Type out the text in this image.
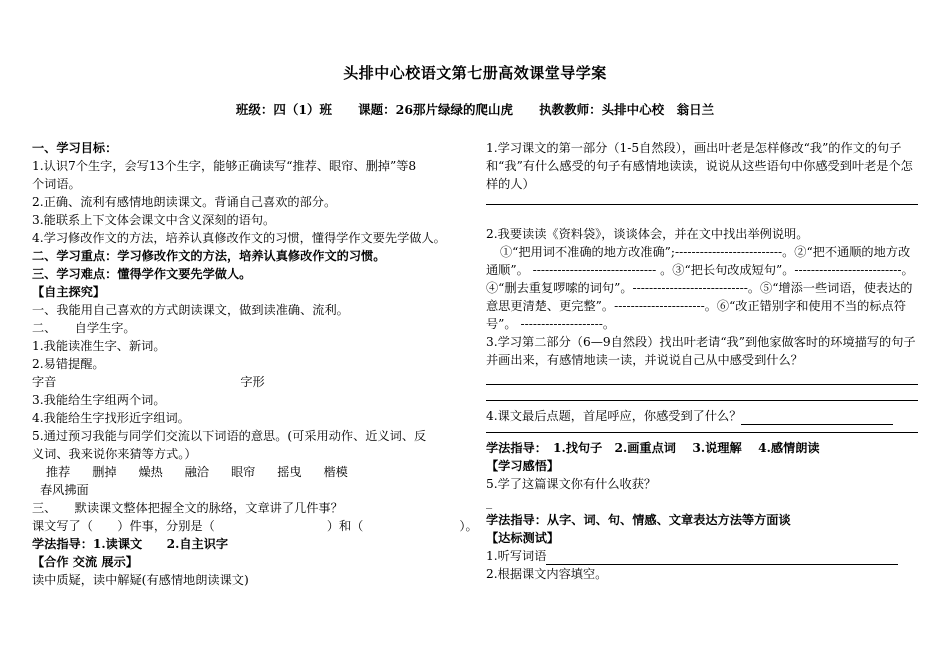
头排中心校语文第七册高效课堂导学案
班级：四（1）班 课题：26那片绿绿的爬山虎 执教教师：头排中心校　翁日兰

一、学习目标：

1.认识7个生字，会写13个生字，能够正确读写“推荐、眼帘、删掉”等8

个词语。

2.正确、流利有感情地朗读课文。背诵自己喜欢的部分。

3.能联系上下文体会课文中含义深刻的语句。

4.学习修改作文的方法，培养认真修改作文的习惯，懂得学作文要先学做人。

二、学习重点：学习修改作文的方法，培养认真修改作文的习惯。

三、学习难点：懂得学作文要先学做人。

【自主探究】

一、我能用自己喜欢的方式朗读课文，做到读准确、流利。

二、　　自学生字。

1.我能读准生字、新词。

2.易错提醒。

字音	字形

3.我能给生字组两个词。

4.我能给生字找形近字组词。

5.通过预习我能与同学们交流以下词语的意思。(可采用动作、近义词、反

义词、我来说你来猜等方式。）

推荐 删掉 燥热 融洽 眼帘 摇曳 楷模

春风拂面

三、　　默读课文整体把握全文的脉络，文章讲了几件事？

课文写了（　　）件事，分别是（	）和（	）。

学法指导：1.读课文　　2.自主识字

【合作 交流 展示】

读中质疑，读中解疑(有感情地朗读课文)

1.学习课文的第一部分（1-5自然段），画出叶老是怎样修改“我”的作文的句子和“我”有什么感受的句子有感情地读读，说说从这些语句中你感受到叶老是个怎样的人）

2.我要读读《资料袋》，谈谈体会，并在文中找出举例说明。

①“把用词不准确的地方改准确”;--------------------------。②“把不通顺的地方改通顺”。 ------------------------------ 。③“把长句改成短句”。--------------------------。④“删去重复啰嗦的词句”。----------------------------。⑤“增添一些词语，使表达的意思更清楚、更完整”。----------------------。⑥“改正错别字和使用不当的标点符号”。 --------------------。

3.学习第二部分（6—9自然段）找出叶老请“我”到他家做客时的环境描写的句子并画出来，有感情地读一读，并说说自己从中感受到什么？

4.课文最后点题，首尾呼应，你感受到了什么？

学法指导：　1.找句子　2.画重点词　 3.说理解　 4.感情朗读

【学习感悟】

5.学了这篇课文你有什么收获？

_

学法指导：从字、词、句、情感、文章表达方法等方面谈

【达标测试】

1.听写词语

2.根据课文内容填空。
